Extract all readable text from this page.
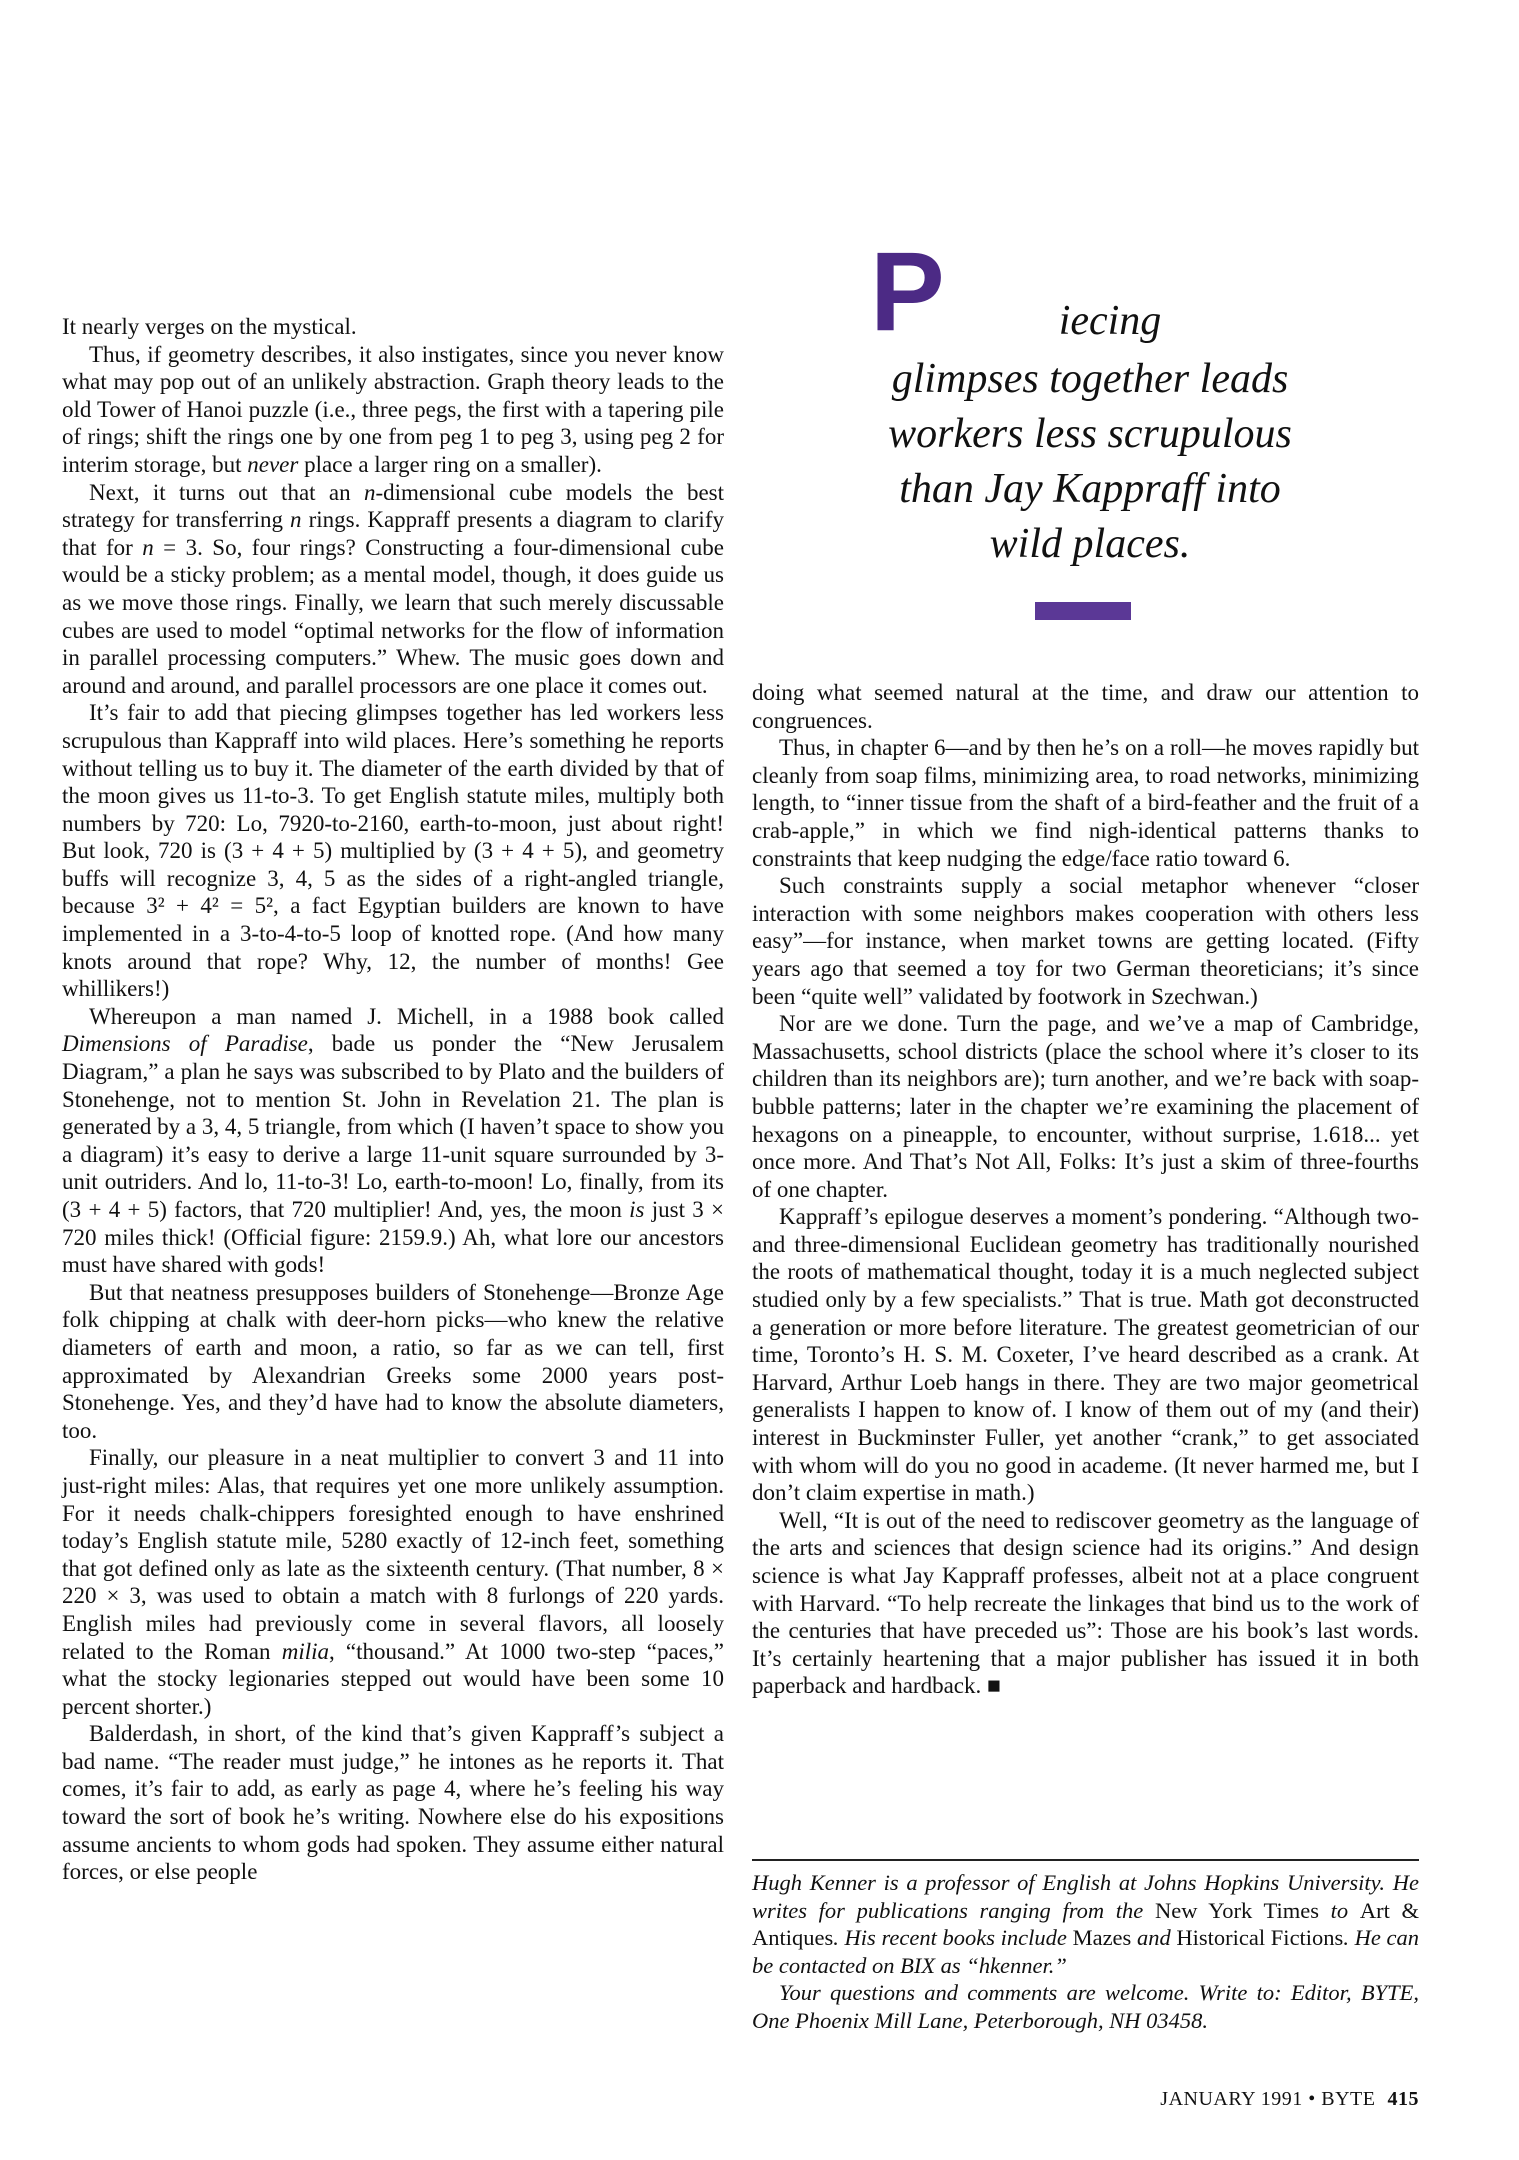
It nearly verges on the mystical.

Thus, if geometry describes, it also instigates, since you never know what may pop out of an unlikely abstraction. Graph theory leads to the old Tower of Hanoi puzzle (i.e., three pegs, the first with a tapering pile of rings; shift the rings one by one from peg 1 to peg 3, using peg 2 for interim storage, but never place a larger ring on a smaller).

Next, it turns out that an n-dimensional cube models the best strategy for transferring n rings. Kappraff presents a diagram to clarify that for n = 3. So, four rings? Constructing a four-dimensional cube would be a sticky problem; as a mental model, though, it does guide us as we move those rings. Finally, we learn that such merely discussable cubes are used to model “optimal networks for the flow of information in parallel processing computers.” Whew. The music goes down and around and around, and parallel processors are one place it comes out.

It’s fair to add that piecing glimpses together has led workers less scrupulous than Kappraff into wild places. Here’s something he reports without telling us to buy it. The diameter of the earth divided by that of the moon gives us 11-to-3. To get English statute miles, multiply both numbers by 720: Lo, 7920-to-2160, earth-to-moon, just about right! But look, 720 is (3 + 4 + 5) multiplied by (3 + 4 + 5), and geometry buffs will recognize 3, 4, 5 as the sides of a right-angled triangle, because 3² + 4² = 5², a fact Egyptian builders are known to have implemented in a 3-to-4-to-5 loop of knotted rope. (And how many knots around that rope? Why, 12, the number of months! Gee whillikers!)

Whereupon a man named J. Michell, in a 1988 book called Dimensions of Paradise, bade us ponder the “New Jerusalem Diagram,” a plan he says was subscribed to by Plato and the builders of Stonehenge, not to mention St. John in Revelation 21. The plan is generated by a 3, 4, 5 triangle, from which (I haven’t space to show you a diagram) it’s easy to derive a large 11-unit square surrounded by 3-unit outriders. And lo, 11-to-3! Lo, earth-to-moon! Lo, finally, from its (3 + 4 + 5) factors, that 720 multiplier! And, yes, the moon is just 3 × 720 miles thick! (Official figure: 2159.9.) Ah, what lore our ancestors must have shared with gods!

But that neatness presupposes builders of Stonehenge—Bronze Age folk chipping at chalk with deer-horn picks—who knew the relative diameters of earth and moon, a ratio, so far as we can tell, first approximated by Alexandrian Greeks some 2000 years post-Stonehenge. Yes, and they’d have had to know the absolute diameters, too.

Finally, our pleasure in a neat multiplier to convert 3 and 11 into just-right miles: Alas, that requires yet one more unlikely assumption. For it needs chalk-chippers foresighted enough to have enshrined today’s English statute mile, 5280 exactly of 12-inch feet, something that got defined only as late as the sixteenth century. (That number, 8 × 220 × 3, was used to obtain a match with 8 furlongs of 220 yards. English miles had previously come in several flavors, all loosely related to the Roman milia, “thousand.” At 1000 two-step “paces,” what the stocky legionaries stepped out would have been some 10 percent shorter.)

Balderdash, in short, of the kind that’s given Kappraff’s subject a bad name. “The reader must judge,” he intones as he reports it. That comes, it’s fair to add, as early as page 4, where he’s feeling his way toward the sort of book he’s writing. Nowhere else do his expositions assume ancients to whom gods had spoken. They assume either natural forces, or else people

P	iecing
glimpses together leads
workers less scrupulous
than Jay Kappraff into
wild places.

doing what seemed natural at the time, and draw our attention to congruences.

Thus, in chapter 6—and by then he’s on a roll—he moves rapidly but cleanly from soap films, minimizing area, to road networks, minimizing length, to “inner tissue from the shaft of a bird-feather and the fruit of a crab-apple,” in which we find nigh-identical patterns thanks to constraints that keep nudging the edge/face ratio toward 6.

Such constraints supply a social metaphor whenever “closer interaction with some neighbors makes cooperation with others less easy”—for instance, when market towns are getting located. (Fifty years ago that seemed a toy for two German theoreticians; it’s since been “quite well” validated by footwork in Szechwan.)

Nor are we done. Turn the page, and we’ve a map of Cambridge, Massachusetts, school districts (place the school where it’s closer to its children than its neighbors are); turn another, and we’re back with soap-bubble patterns; later in the chapter we’re examining the placement of hexagons on a pineapple, to encounter, without surprise, 1.618... yet once more. And That’s Not All, Folks: It’s just a skim of three-fourths of one chapter.

Kappraff’s epilogue deserves a moment’s pondering. “Although two- and three-dimensional Euclidean geometry has traditionally nourished the roots of mathematical thought, today it is a much neglected subject studied only by a few specialists.” That is true. Math got deconstructed a generation or more before literature. The greatest geometrician of our time, Toronto’s H. S. M. Coxeter, I’ve heard described as a crank. At Harvard, Arthur Loeb hangs in there. They are two major geometrical generalists I happen to know of. I know of them out of my (and their) interest in Buckminster Fuller, yet another “crank,” to get associated with whom will do you no good in academe. (It never harmed me, but I don’t claim expertise in math.)

Well, “It is out of the need to rediscover geometry as the language of the arts and sciences that design science had its origins.” And design science is what Jay Kappraff professes, albeit not at a place congruent with Harvard. “To help recreate the linkages that bind us to the work of the centuries that have preceded us”: Those are his book’s last words. It’s certainly heartening that a major publisher has issued it in both paperback and hardback. ■

Hugh Kenner is a professor of English at Johns Hopkins University. He writes for publications ranging from the New York Times to Art & Antiques. His recent books include Mazes and Historical Fictions. He can be contacted on BIX as “hkenner.”

Your questions and comments are welcome. Write to: Editor, BYTE, One Phoenix Mill Lane, Peterborough, NH 03458.

JANUARY 1991 • BYTE 415
